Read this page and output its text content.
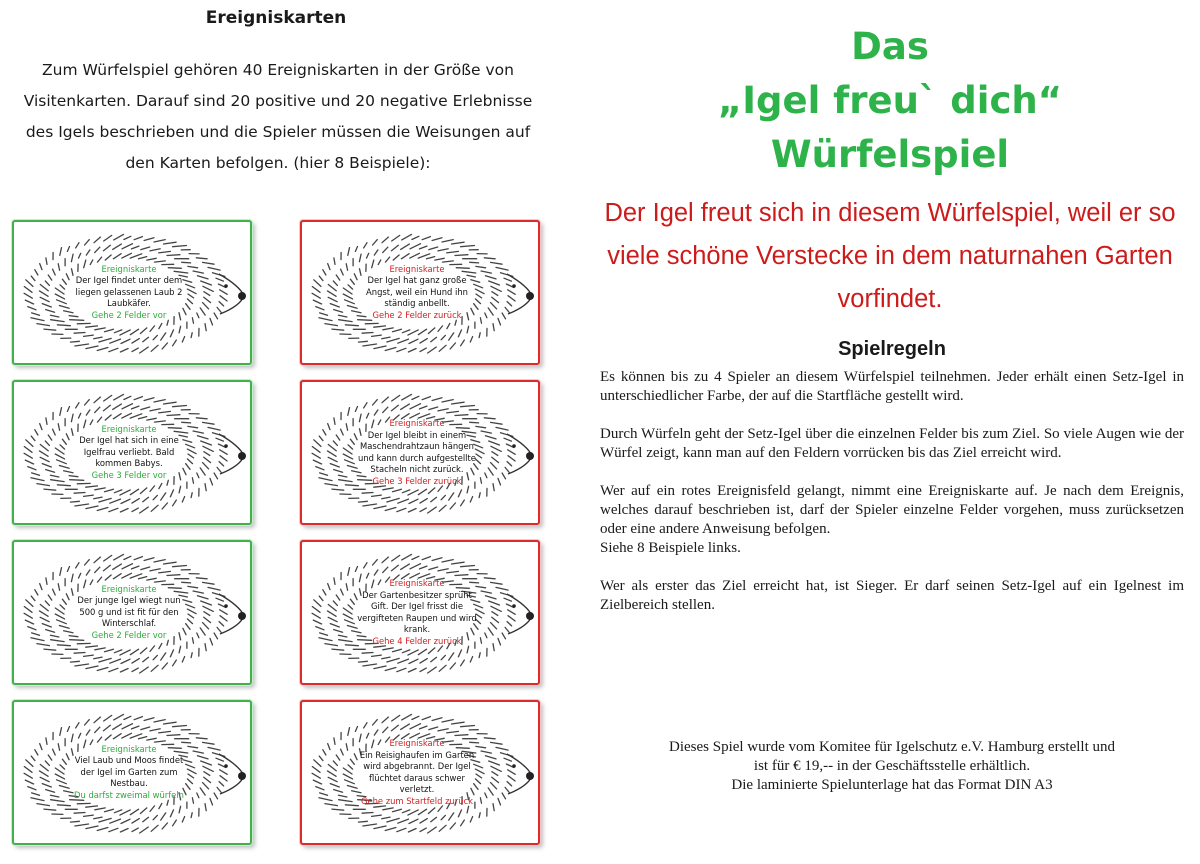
Ereigniskarten
Zum Würfelspiel gehören 40 Ereigniskarten in der Größe von Visitenkarten. Darauf sind 20 positive und 20 negative Erlebnisse des Igels beschrieben und die Spieler müssen die Weisungen auf den Karten befolgen. (hier 8 Beispiele):
Ereigniskarte
Der Igel findet unter dem liegen gelassenen Laub 2 Laubkäfer.
Gehe 2 Felder vor
Ereigniskarte
Der Igel hat ganz große Angst, weil ein Hund ihn ständig anbellt.
Gehe 2 Felder zurück
Ereigniskarte
Der Igel hat sich in eine Igelfrau verliebt. Bald kommen Babys.
Gehe 3 Felder vor
Ereigniskarte
Der Igel bleibt in einem Maschendrahtzaun hängen und kann durch aufgestellte Stacheln nicht zurück.
Gehe 3 Felder zurück
Ereigniskarte
Der junge Igel wiegt nun 500 g und ist fit für den Winterschlaf.
Gehe 2 Felder vor
Ereigniskarte
Der Gartenbesitzer sprüht Gift. Der Igel frisst die vergifteten Raupen und wird krank.
Gehe 4 Felder zurück
Ereigniskarte
Viel Laub und Moos findet der Igel im Garten zum Nestbau.
Du darfst zweimal würfeln
Ereigniskarte
Ein Reisighaufen im Garten wird abgebrannt. Der Igel flüchtet daraus schwer verletzt.
Gehe zum Startfeld zurück
Das
„Igel freu` dich“
Würfelspiel
Der Igel freut sich in diesem Würfelspiel, weil er so viele schöne Verstecke in dem naturnahen Garten vorfindet.
Spielregeln

Es können bis zu 4 Spieler an diesem Würfelspiel teilnehmen. Jeder erhält einen Setz-Igel in unterschiedlicher Farbe, der auf die Startfläche gestellt wird.

Durch Würfeln geht der Setz-Igel über die einzelnen Felder bis zum Ziel. So viele Augen wie der Würfel zeigt, kann man auf den Feldern vorrücken bis das Ziel erreicht wird.

Wer auf ein rotes Ereignisfeld gelangt, nimmt eine Ereigniskarte auf. Je nach dem Ereignis, welches darauf beschrieben ist, darf der Spieler einzelne Felder vorgehen, muss zurücksetzen oder eine andere Anweisung befolgen.

Siehe 8 Beispiele links.

Wer als erster das Ziel erreicht hat, ist Sieger. Er darf seinen Setz-Igel auf ein Igelnest im Zielbereich stellen.

Dieses Spiel wurde vom Komitee für Igelschutz e.V. Hamburg erstellt und
ist für € 19,-- in der Geschäftsstelle erhältlich.
Die laminierte Spielunterlage hat das Format DIN A3
